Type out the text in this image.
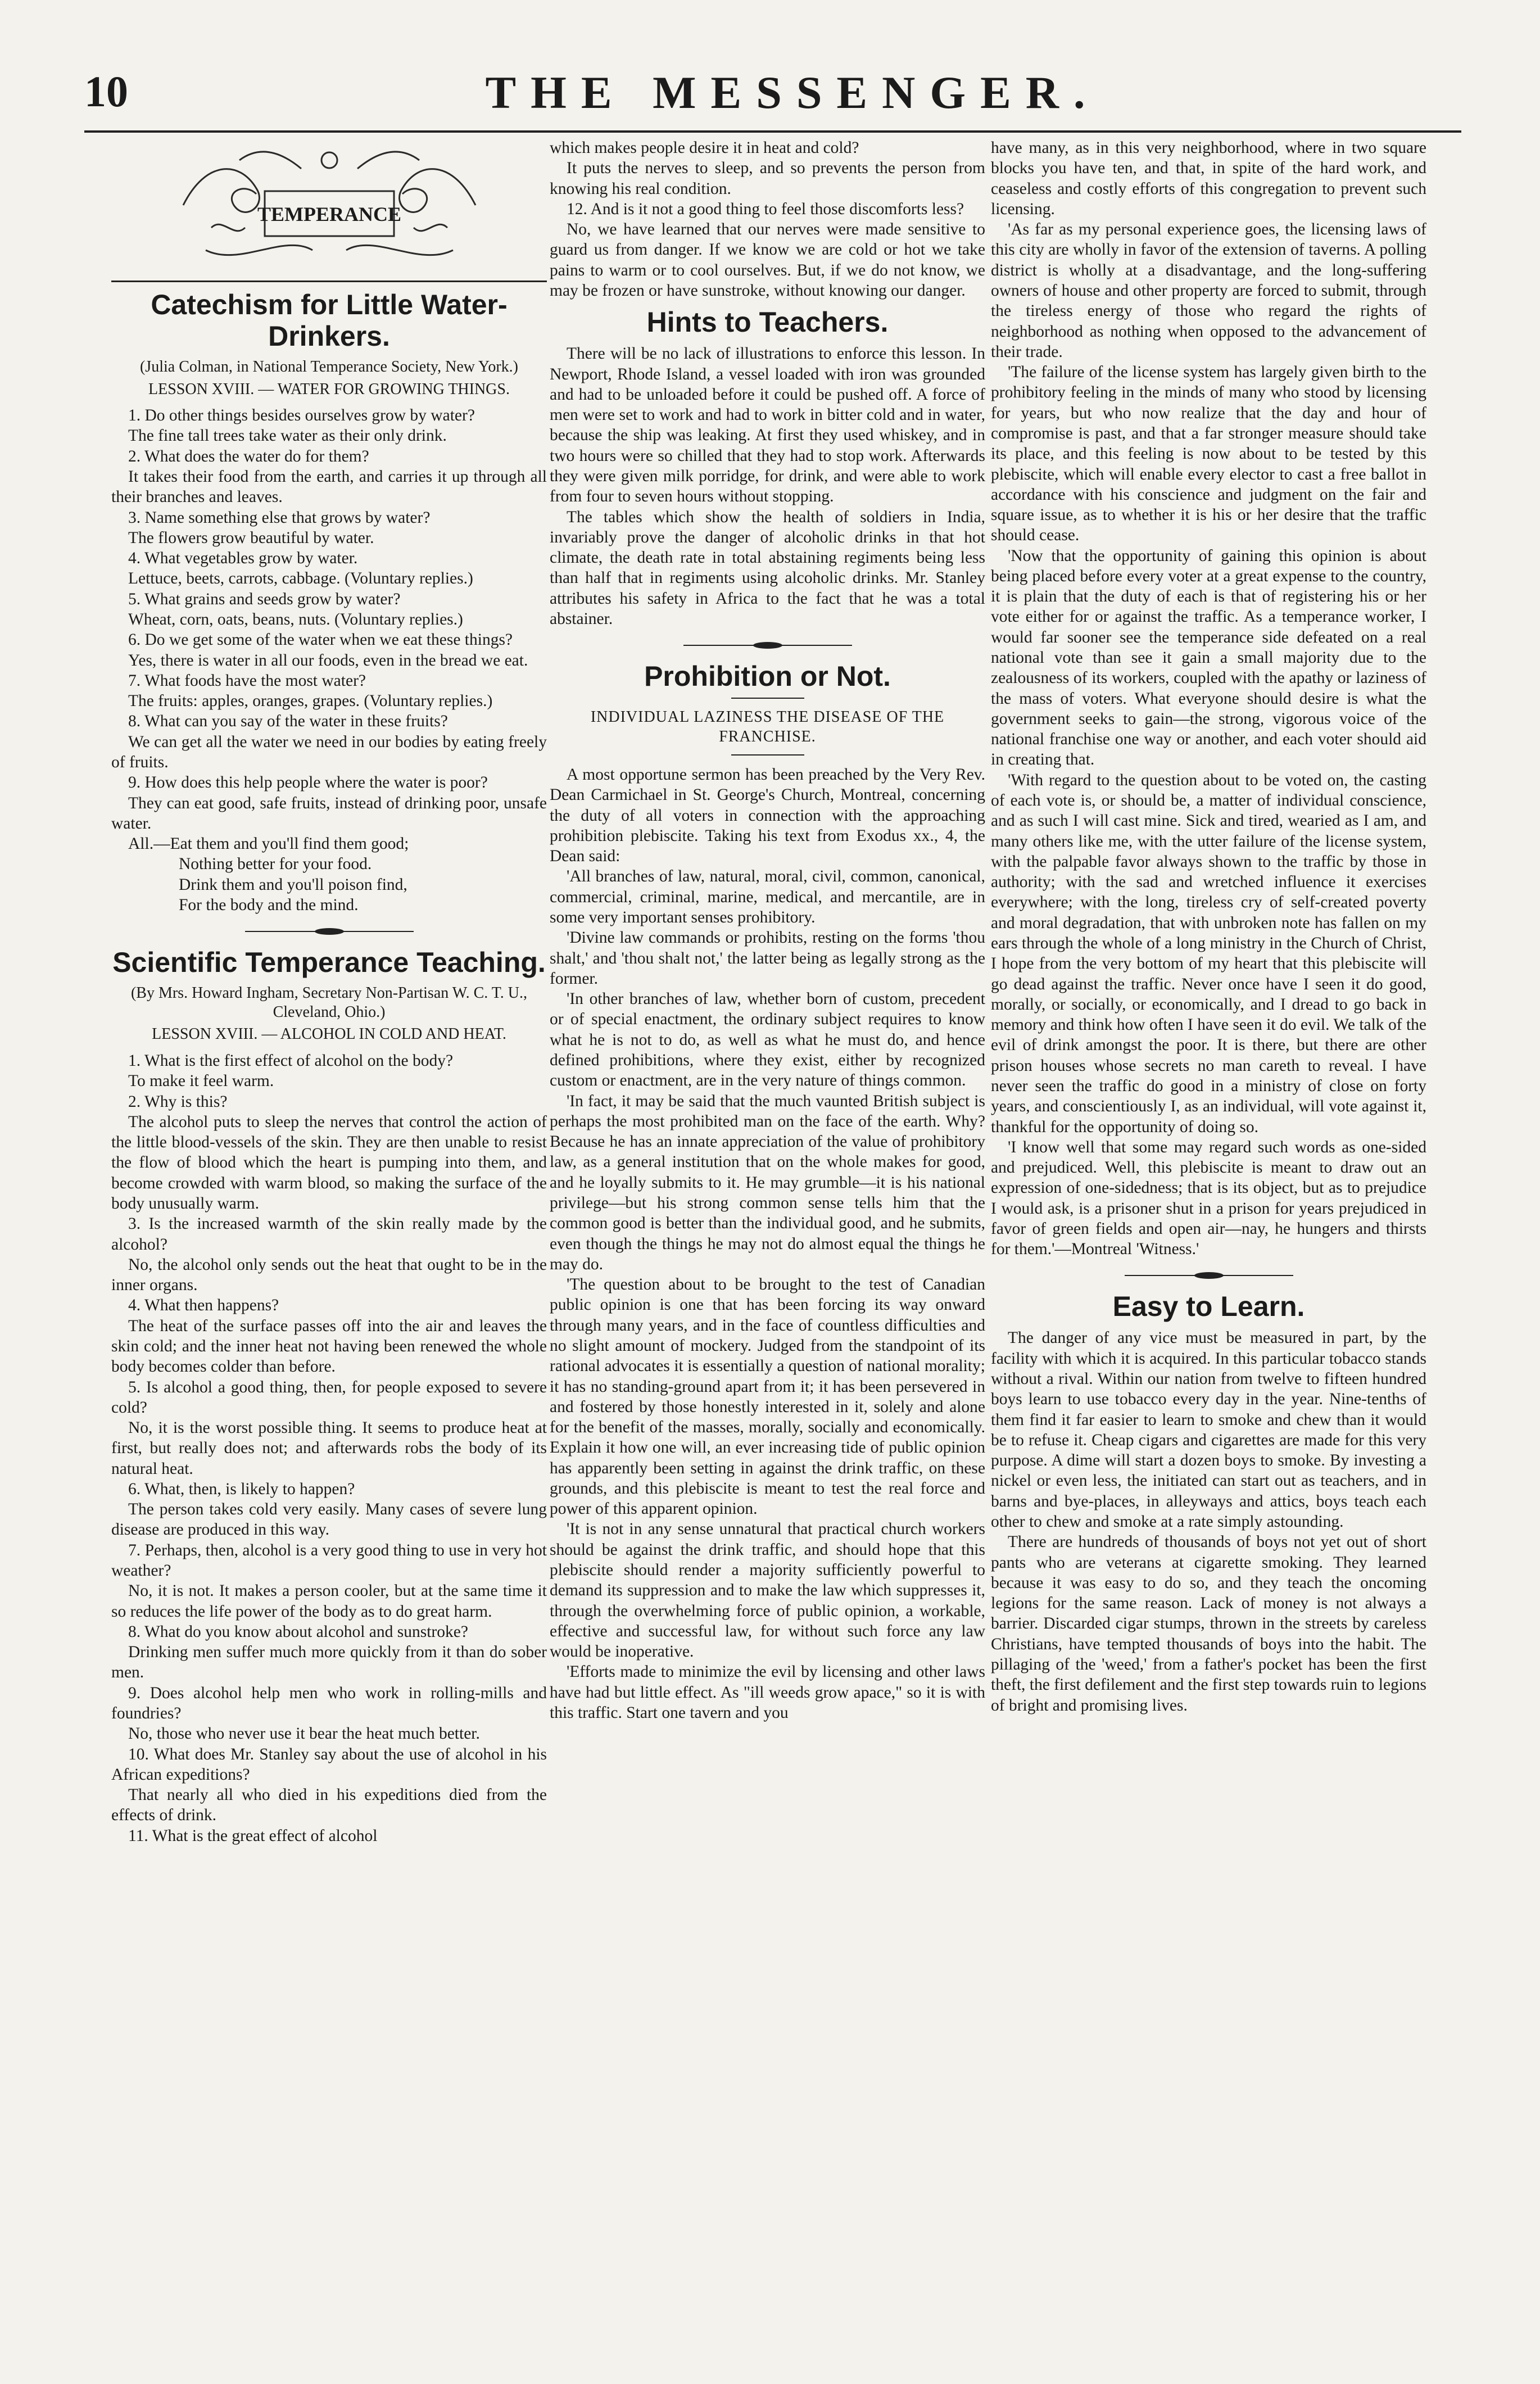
10	THE MESSENGER.
TEMPERANCE
Catechism for Little Water-Drinkers.
(Julia Colman, in National Temperance Society, New York.)
LESSON XVIII. — WATER FOR GROWING THINGS.

1. Do other things besides ourselves grow by water?

The fine tall trees take water as their only drink.

2. What does the water do for them?

It takes their food from the earth, and carries it up through all their branches and leaves.

3. Name something else that grows by water?

The flowers grow beautiful by water.

4. What vegetables grow by water.

Lettuce, beets, carrots, cabbage. (Voluntary replies.)

5. What grains and seeds grow by water?

Wheat, corn, oats, beans, nuts. (Voluntary replies.)

6. Do we get some of the water when we eat these things?

Yes, there is water in all our foods, even in the bread we eat.

7. What foods have the most water?

The fruits: apples, oranges, grapes. (Voluntary replies.)

8. What can you say of the water in these fruits?

We can get all the water we need in our bodies by eating freely of fruits.

9. How does this help people where the water is poor?

They can eat good, safe fruits, instead of drinking poor, unsafe water.

All.—Eat them and you'll find them good;
Nothing better for your food.
Drink them and you'll poison find,
For the body and the mind.
Scientific Temperance Teaching.
(By Mrs. Howard Ingham, Secretary Non-Partisan W. C. T. U., Cleveland, Ohio.)
LESSON XVIII. — ALCOHOL IN COLD AND HEAT.

1. What is the first effect of alcohol on the body?

To make it feel warm.

2. Why is this?

The alcohol puts to sleep the nerves that control the action of the little blood-vessels of the skin. They are then unable to resist the flow of blood which the heart is pumping into them, and become crowded with warm blood, so making the surface of the body unusually warm.

3. Is the increased warmth of the skin really made by the alcohol?

No, the alcohol only sends out the heat that ought to be in the inner organs.

4. What then happens?

The heat of the surface passes off into the air and leaves the skin cold; and the inner heat not having been renewed the whole body becomes colder than before.

5. Is alcohol a good thing, then, for people exposed to severe cold?

No, it is the worst possible thing. It seems to produce heat at first, but really does not; and afterwards robs the body of its natural heat.

6. What, then, is likely to happen?

The person takes cold very easily. Many cases of severe lung disease are produced in this way.

7. Perhaps, then, alcohol is a very good thing to use in very hot weather?

No, it is not. It makes a person cooler, but at the same time it so reduces the life power of the body as to do great harm.

8. What do you know about alcohol and sunstroke?

Drinking men suffer much more quickly from it than do sober men.

9. Does alcohol help men who work in rolling-mills and foundries?

No, those who never use it bear the heat much better.

10. What does Mr. Stanley say about the use of alcohol in his African expeditions?

That nearly all who died in his expeditions died from the effects of drink.

11. What is the great effect of alcohol

which makes people desire it in heat and cold?

It puts the nerves to sleep, and so prevents the person from knowing his real condition.

12. And is it not a good thing to feel those discomforts less?

No, we have learned that our nerves were made sensitive to guard us from danger. If we know we are cold or hot we take pains to warm or to cool ourselves. But, if we do not know, we may be frozen or have sunstroke, without knowing our danger.

Hints to Teachers.

There will be no lack of illustrations to enforce this lesson. In Newport, Rhode Island, a vessel loaded with iron was grounded and had to be unloaded before it could be pushed off. A force of men were set to work and had to work in bitter cold and in water, because the ship was leaking. At first they used whiskey, and in two hours were so chilled that they had to stop work. Afterwards they were given milk porridge, for drink, and were able to work from four to seven hours without stopping.

The tables which show the health of soldiers in India, invariably prove the danger of alcoholic drinks in that hot climate, the death rate in total abstaining regiments being less than half that in regiments using alcoholic drinks. Mr. Stanley attributes his safety in Africa to the fact that he was a total abstainer.

Prohibition or Not.
INDIVIDUAL LAZINESS THE DISEASE OF THE FRANCHISE.

A most opportune sermon has been preached by the Very Rev. Dean Carmichael in St. George's Church, Montreal, concerning the duty of all voters in connection with the approaching prohibition plebiscite. Taking his text from Exodus xx., 4, the Dean said:

'All branches of law, natural, moral, civil, common, canonical, commercial, criminal, marine, medical, and mercantile, are in some very important senses prohibitory.

'Divine law commands or prohibits, resting on the forms 'thou shalt,' and 'thou shalt not,' the latter being as legally strong as the former.

'In other branches of law, whether born of custom, precedent or of special enactment, the ordinary subject requires to know what he is not to do, as well as what he must do, and hence defined prohibitions, where they exist, either by recognized custom or enactment, are in the very nature of things common.

'In fact, it may be said that the much vaunted British subject is perhaps the most prohibited man on the face of the earth. Why? Because he has an innate appreciation of the value of prohibitory law, as a general institution that on the whole makes for good, and he loyally submits to it. He may grumble—it is his national privilege—but his strong common sense tells him that the common good is better than the individual good, and he submits, even though the things he may not do almost equal the things he may do.

'The question about to be brought to the test of Canadian public opinion is one that has been forcing its way onward through many years, and in the face of countless difficulties and no slight amount of mockery. Judged from the standpoint of its rational advocates it is essentially a question of national morality; it has no standing-ground apart from it; it has been persevered in and fostered by those honestly interested in it, solely and alone for the benefit of the masses, morally, socially and economically. Explain it how one will, an ever increasing tide of public opinion has apparently been setting in against the drink traffic, on these grounds, and this plebiscite is meant to test the real force and power of this apparent opinion.

'It is not in any sense unnatural that practical church workers should be against the drink traffic, and should hope that this plebiscite should render a majority sufficiently powerful to demand its suppression and to make the law which suppresses it, through the overwhelming force of public opinion, a workable, effective and successful law, for without such force any law would be inoperative.

'Efforts made to minimize the evil by licensing and other laws have had but little effect. As "ill weeds grow apace," so it is with this traffic. Start one tavern and you

have many, as in this very neighborhood, where in two square blocks you have ten, and that, in spite of the hard work, and ceaseless and costly efforts of this congregation to prevent such licensing.

'As far as my personal experience goes, the licensing laws of this city are wholly in favor of the extension of taverns. A polling district is wholly at a disadvantage, and the long-suffering owners of house and other property are forced to submit, through the tireless energy of those who regard the rights of neighborhood as nothing when opposed to the advancement of their trade.

'The failure of the license system has largely given birth to the prohibitory feeling in the minds of many who stood by licensing for years, but who now realize that the day and hour of compromise is past, and that a far stronger measure should take its place, and this feeling is now about to be tested by this plebiscite, which will enable every elector to cast a free ballot in accordance with his conscience and judgment on the fair and square issue, as to whether it is his or her desire that the traffic should cease.

'Now that the opportunity of gaining this opinion is about being placed before every voter at a great expense to the country, it is plain that the duty of each is that of registering his or her vote either for or against the traffic. As a temperance worker, I would far sooner see the temperance side defeated on a real national vote than see it gain a small majority due to the zealousness of its workers, coupled with the apathy or laziness of the mass of voters. What everyone should desire is what the government seeks to gain—the strong, vigorous voice of the national franchise one way or another, and each voter should aid in creating that.

'With regard to the question about to be voted on, the casting of each vote is, or should be, a matter of individual conscience, and as such I will cast mine. Sick and tired, wearied as I am, and many others like me, with the utter failure of the license system, with the palpable favor always shown to the traffic by those in authority; with the sad and wretched influence it exercises everywhere; with the long, tireless cry of self-created poverty and moral degradation, that with unbroken note has fallen on my ears through the whole of a long ministry in the Church of Christ, I hope from the very bottom of my heart that this plebiscite will go dead against the traffic. Never once have I seen it do good, morally, or socially, or economically, and I dread to go back in memory and think how often I have seen it do evil. We talk of the evil of drink amongst the poor. It is there, but there are other prison houses whose secrets no man careth to reveal. I have never seen the traffic do good in a ministry of close on forty years, and conscientiously I, as an individual, will vote against it, thankful for the opportunity of doing so.

'I know well that some may regard such words as one-sided and prejudiced. Well, this plebiscite is meant to draw out an expression of one-sidedness; that is its object, but as to prejudice I would ask, is a prisoner shut in a prison for years prejudiced in favor of green fields and open air—nay, he hungers and thirsts for them.'—Montreal 'Witness.'

Easy to Learn.

The danger of any vice must be measured in part, by the facility with which it is acquired. In this particular tobacco stands without a rival. Within our nation from twelve to fifteen hundred boys learn to use tobacco every day in the year. Nine-tenths of them find it far easier to learn to smoke and chew than it would be to refuse it. Cheap cigars and cigarettes are made for this very purpose. A dime will start a dozen boys to smoke. By investing a nickel or even less, the initiated can start out as teachers, and in barns and bye-places, in alleyways and attics, boys teach each other to chew and smoke at a rate simply astounding.

There are hundreds of thousands of boys not yet out of short pants who are veterans at cigarette smoking. They learned because it was easy to do so, and they teach the oncoming legions for the same reason. Lack of money is not always a barrier. Discarded cigar stumps, thrown in the streets by careless Christians, have tempted thousands of boys into the habit. The pillaging of the 'weed,' from a father's pocket has been the first theft, the first defilement and the first step towards ruin to legions of bright and promising lives.
